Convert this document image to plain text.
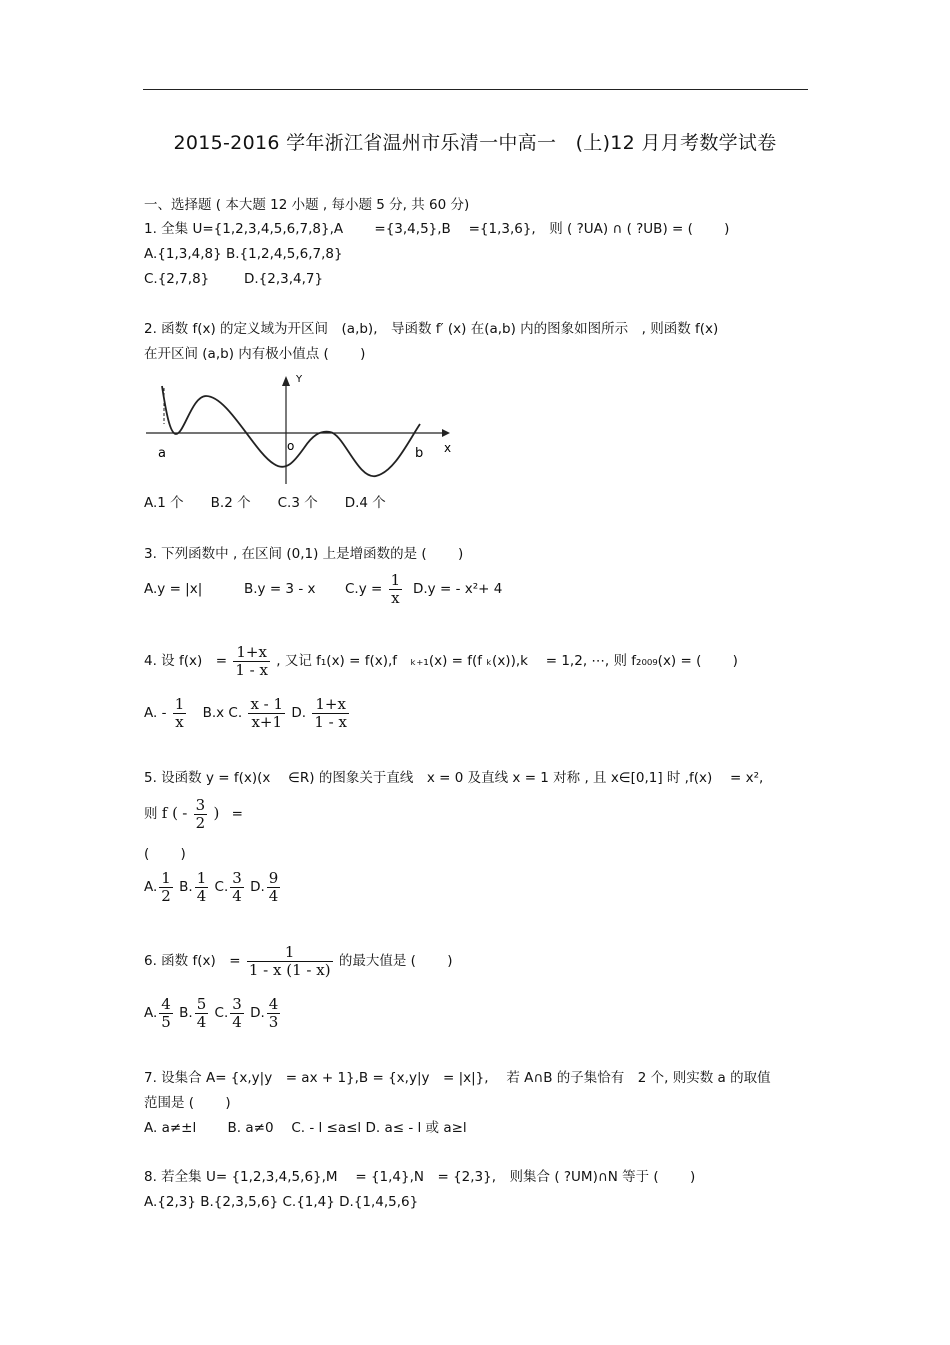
2015-2016 学年浙江省温州市乐清一中高一　(上)12 月月考数学试卷
一、选择题 ( 本大题 12 小题 , 每小题 5 分, 共 60 分)
1. 全集 U={1,2,3,4,5,6,7,8},A　　 ={3,4,5},B　 ={1,3,6},　则 ( ?UA) ∩ ( ?UB) = (　　 )
A.{1,3,4,8} B.{1,2,4,5,6,7,8}
C.{2,7,8}	D.{2,3,4,7}
2. 函数 f(x) 的定义域为开区间　(a,b),　导函数 f′ (x) 在(a,b) 内的图象如图所示　, 则函数 f(x)
在开区间 (a,b) 内有极小值点 (　　 )
Y
x
o
a	b
A.1 个　　B.2 个　　C.3 个　　D.4 个
3. 下列函数中 , 在区间 (0,1) 上是增函数的是 (　　 )
A.y = |x|	B.y = 3 - x $C.y = \frac{1}{x} D.y$ = - x²+ 4
4. 设 f(x)　= $\frac{1+x}{1 - x}$ , 又记 f₁(x) = f(x),f　ₖ₊₁(x) = f(f ₖ(x)),k　 = 1,2, ⋯, 则 f₂₀₀₉(x) = (　　 )
A. - $\frac{1}{x} B.x$ C. $\frac{x - 1}{x+1} D$. $\frac{1+x}{1 - x}$
5. 设函数 y = f(x)(x　 ∈R) 的图象关于直线　x = 0 及直线 x = 1 对称 , 且 x∈[0,1] 时 ,f(x)　 = x²,
则 f ( - $\frac{3}{2}$ ) =
(　　 )
A. $\frac{1}{2} B$. $\frac{1}{4} C$. $\frac{3}{4} D$. $\frac{9}{4}$
6. 函数 f(x)　= $\frac{1}{1 - x (1 - x)}$ 的最大值是 (　　 )
A. $\frac{4}{5} B$. $\frac{5}{4} C$. $\frac{3}{4} D$. $\frac{4}{3}$
7. 设集合 A= {x,y|y　= ax + 1},B = {x,y|y　= |x|},　 若 A∩B 的子集恰有　2 个, 则实数 a 的取值
范围是 (　　 )
A. a≠±l　　 B. a≠0　 C. - l ≤a≤l D. a≤ - l 或 a≥l
8. 若全集 U= {1,2,3,4,5,6},M　 = {1,4},N　= {2,3},　则集合 ( ?UM)∩N 等于 (　　 )
A.{2,3} B.{2,3,5,6} C.{1,4} D.{1,4,5,6}
